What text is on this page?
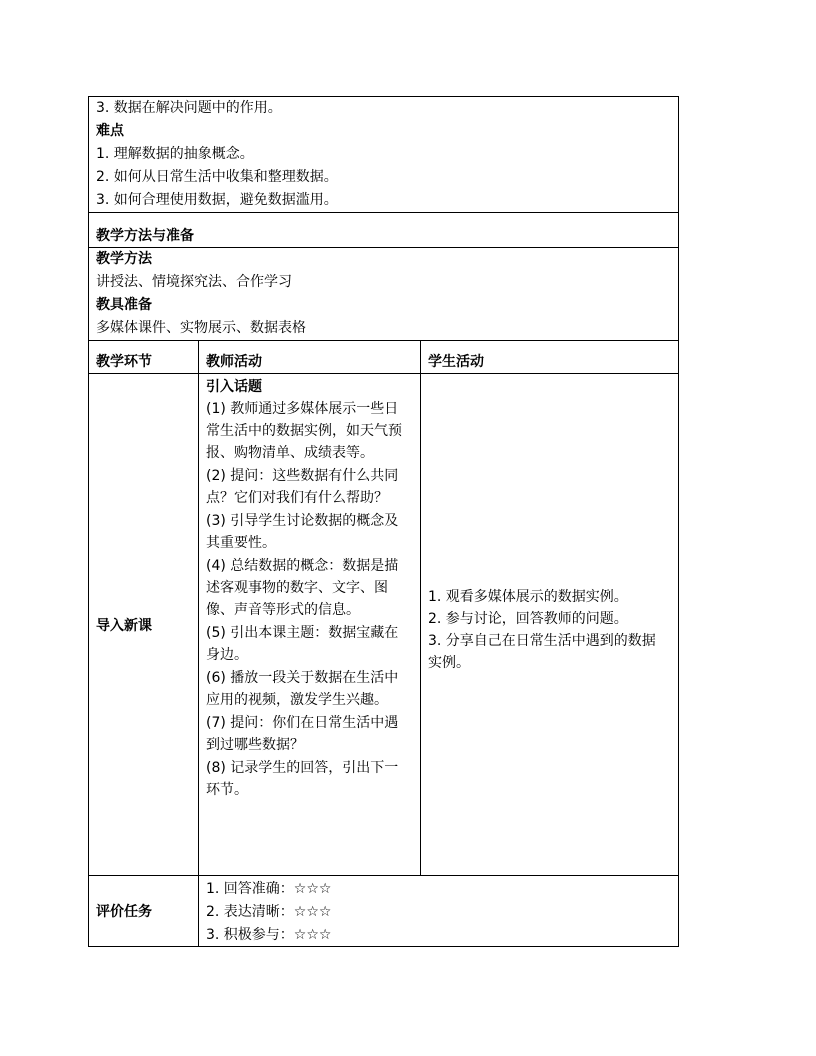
3. 数据在解决问题中的作用。
难点
1. 理解数据的抽象概念。
2. 如何从日常生活中收集和整理数据。
3. 如何合理使用数据，避免数据滥用。
教学方法与准备
教学方法
讲授法、情境探究法、合作学习
教具准备
多媒体课件、实物展示、数据表格
教学环节	教师活动	学生活动
导入新课
引入话题
(1) 教师通过多媒体展示一些日常生活中的数据实例，如天气预报、购物清单、成绩表等。
(2) 提问：这些数据有什么共同点？它们对我们有什么帮助？
(3) 引导学生讨论数据的概念及其重要性。
(4) 总结数据的概念：数据是描述客观事物的数字、文字、图像、声音等形式的信息。
(5) 引出本课主题：数据宝藏在身边。
(6) 播放一段关于数据在生活中应用的视频，激发学生兴趣。
(7) 提问：你们在日常生活中遇到过哪些数据？
(8) 记录学生的回答，引出下一环节。
1. 观看多媒体展示的数据实例。
2. 参与讨论，回答教师的问题。
3. 分享自己在日常生活中遇到的数据实例。
评价任务
1. 回答准确：☆☆☆
2. 表达清晰：☆☆☆
3. 积极参与：☆☆☆
